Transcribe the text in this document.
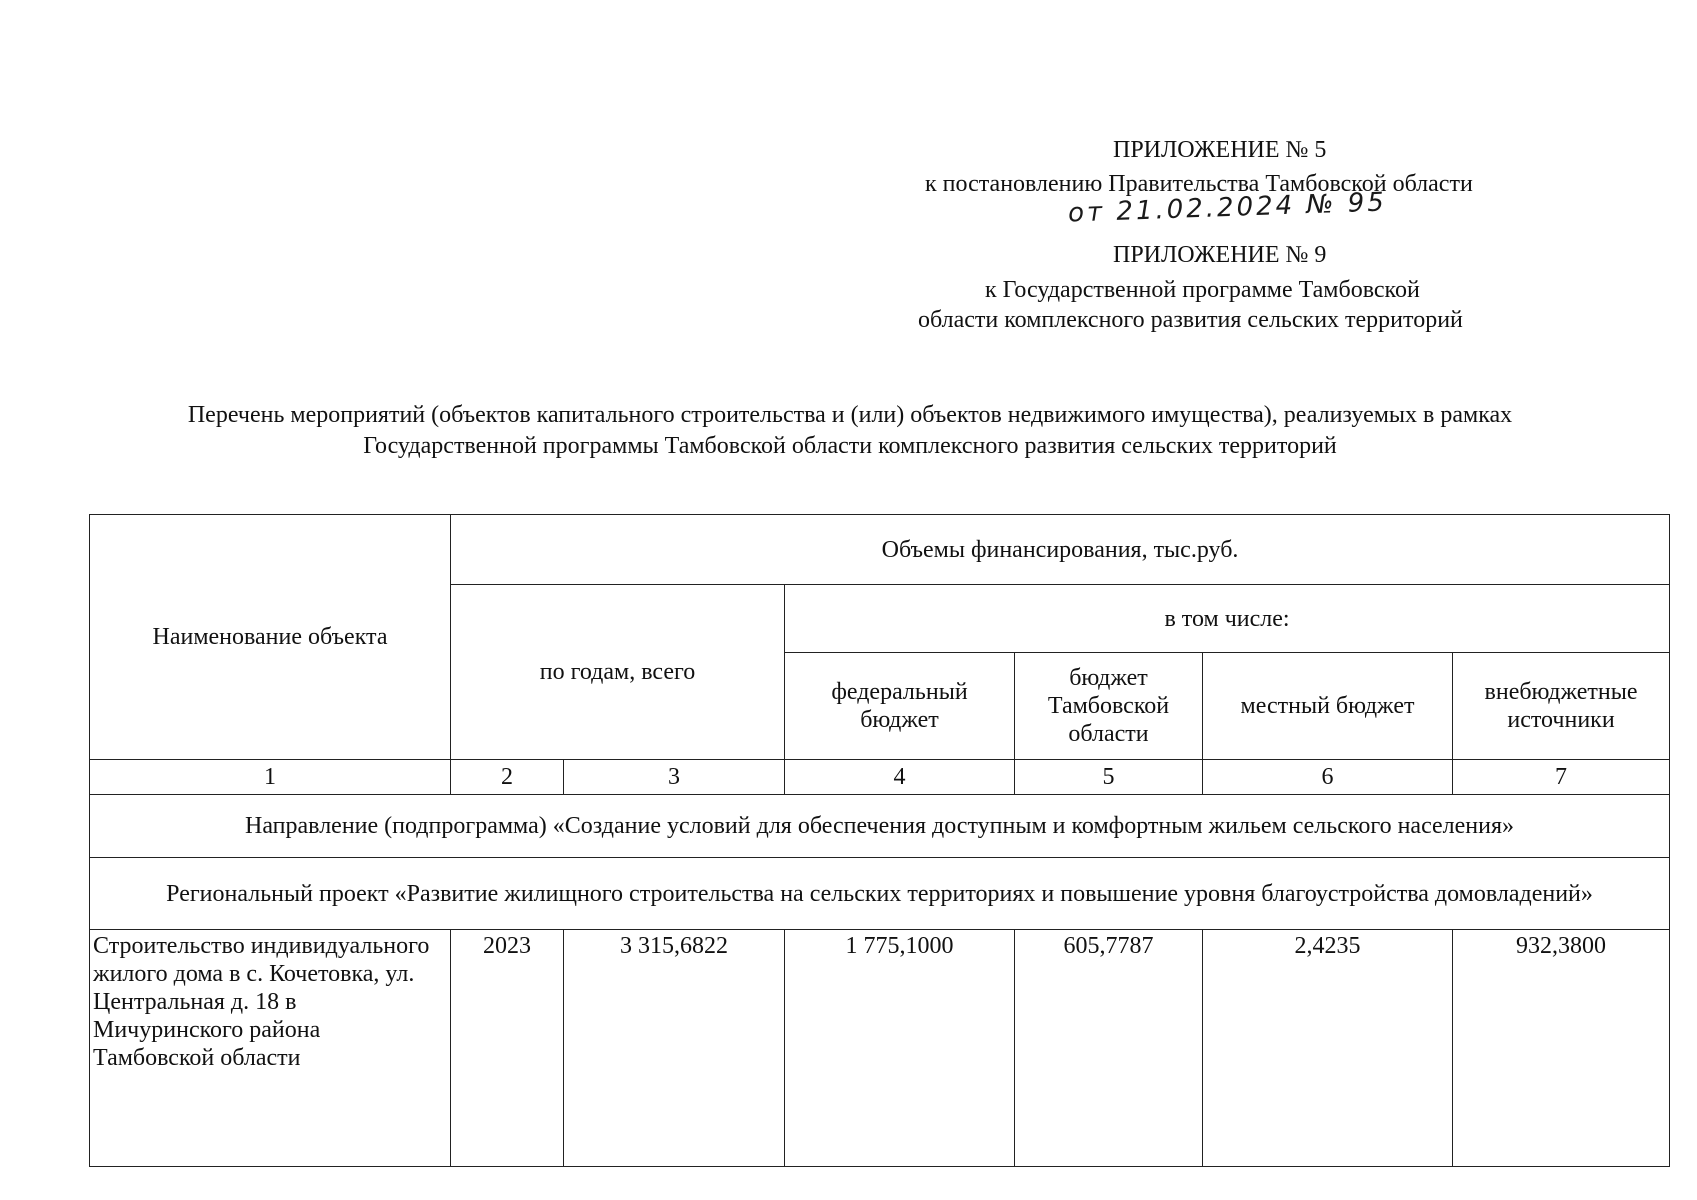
ПРИЛОЖЕНИЕ № 5
к постановлению Правительства Тамбовской области
от 21.02.2024 № 95
ПРИЛОЖЕНИЕ № 9
к Государственной программе Тамбовской
области комплексного развития сельских территорий
Перечень мероприятий (объектов капитального строительства и (или) объектов недвижимого имущества), реализуемых в рамках
Государственной программы Тамбовской области комплексного развития сельских территорий
Наименование объекта	Объемы финансирования, тыс.руб.					
	по годам, всего		в том числе:			
			федеральный бюджет	бюджет Тамбовской области	местный бюджет	внебюджетные источники
1	2	3	4	5	6	7
Направление (подпрограмма) «Создание условий для обеспечения доступным и комфортным жильем сельского населения»						
Региональный проект «Развитие жилищного строительства на сельских территориях и повышение уровня благоустройства домовладений»						
Строительство индивидуального жилого дома в с. Кочетовка, ул. Центральная д. 18 в Мичуринского района Тамбовской области	2023	3 315,6822	1 775,1000	605,7787	2,4235	932,3800
